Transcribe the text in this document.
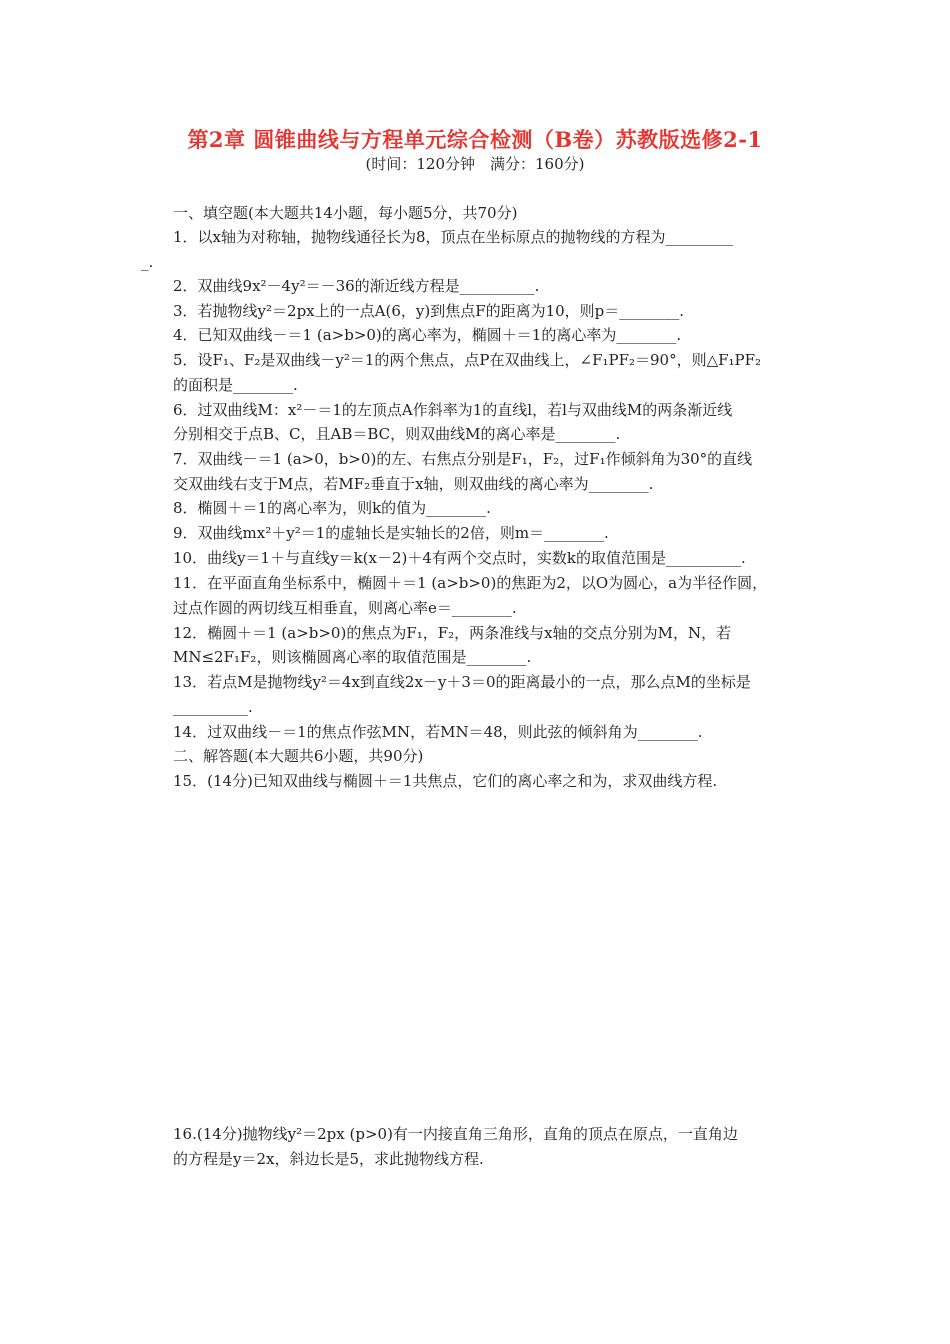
第2章 圆锥曲线与方程单元综合检测（B卷）苏教版选修2-1
(时间：120分钟　满分：160分)
一、填空题(本大题共14小题，每小题5分，共70分)
1．以x轴为对称轴，抛物线通径长为8，顶点在坐标原点的抛物线的方程为_________
_.
2．双曲线9x²－4y²＝－36的渐近线方程是__________.
3．若抛物线y²＝2px上的一点A(6，y)到焦点F的距离为10，则p＝________.
4．已知双曲线－＝1 (a>b>0)的离心率为，椭圆＋＝1的离心率为________.
5．设F₁、F₂是双曲线－y²＝1的两个焦点，点P在双曲线上，∠F₁PF₂＝90°，则△F₁PF₂
的面积是________.
6．过双曲线M：x²－＝1的左顶点A作斜率为1的直线l，若l与双曲线M的两条渐近线
分别相交于点B、C，且AB＝BC，则双曲线M的离心率是________.
7．双曲线－＝1 (a>0，b>0)的左、右焦点分别是F₁，F₂，过F₁作倾斜角为30°的直线
交双曲线右支于M点，若MF₂垂直于x轴，则双曲线的离心率为________.
8．椭圆＋＝1的离心率为，则k的值为________.
9．双曲线mx²＋y²＝1的虚轴长是实轴长的2倍，则m＝________.
10．曲线y＝1＋与直线y＝k(x－2)＋4有两个交点时，实数k的取值范围是__________.
11．在平面直角坐标系中，椭圆＋＝1 (a>b>0)的焦距为2，以O为圆心，a为半径作圆，
过点作圆的两切线互相垂直，则离心率e＝________.
12．椭圆＋＝1 (a>b>0)的焦点为F₁，F₂，两条准线与x轴的交点分别为M，N，若
MN≤2F₁F₂，则该椭圆离心率的取值范围是________.
13．若点M是抛物线y²＝4x到直线2x－y＋3＝0的距离最小的一点，那么点M的坐标是
__________.
14．过双曲线－＝1的焦点作弦MN，若MN＝48，则此弦的倾斜角为________.
二、解答题(本大题共6小题，共90分)
15．(14分)已知双曲线与椭圆＋＝1共焦点，它们的离心率之和为，求双曲线方程.
16.(14分)抛物线y²＝2px (p>0)有一内接直角三角形，直角的顶点在原点，一直角边
的方程是y＝2x，斜边长是5，求此抛物线方程.
